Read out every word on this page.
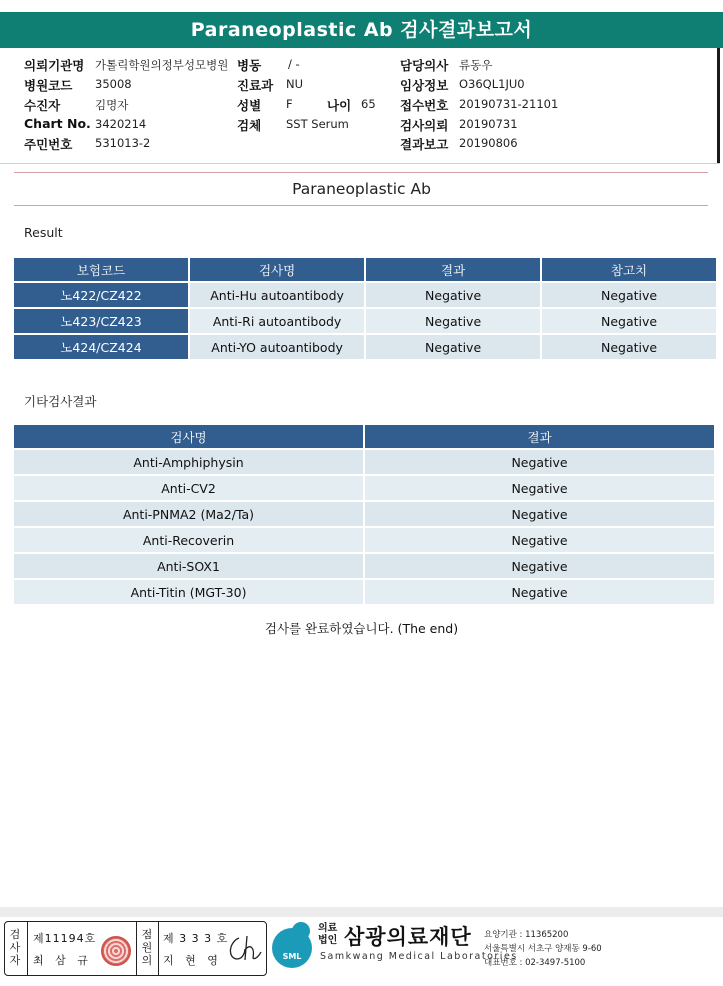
Paraneoplastic Ab 검사결과보고서
의뢰기관명 가톨릭학원의정부성모병원 병동 / -	담당의사 류동우
병원코드 35008	진료과 NU	임상정보 O36QL1JU0
수진자	김명자	성별 F	나이 65 접수번호 20190731-21101
Chart No. 3420214	검체 SST Serum	검사의뢰 20190731
주민번호 531013-2	결과보고 20190806
Paraneoplastic Ab
Result
보험코드	검사명	결과	참고치
노422/CZ422	Anti-Hu autoantibody	Negative	Negative
노423/CZ423	Anti-Ri autoantibody	Negative	Negative
노424/CZ424	Anti-YO autoantibody	Negative	Negative
기타검사결과
검사명	결과
Anti-Amphiphysin	Negative
Anti-CV2	Negative
Anti-PNMA2 (Ma2/Ta)	Negative
Anti-Recoverin	Negative
Anti-SOX1	Negative
Anti-Titin (MGT-30)	Negative
검사를 완료하였습니다. (The end)
검사자
제11194호
최 삼 규
점원의
제 3 3 3 호
지 현 영	SML
의료
법인 삼광의료재단
Samkwang Medical Laboratories
요양기관 : 11365200
서울특별시 서초구 양재동 9-60
대표번호 : 02-3497-5100
